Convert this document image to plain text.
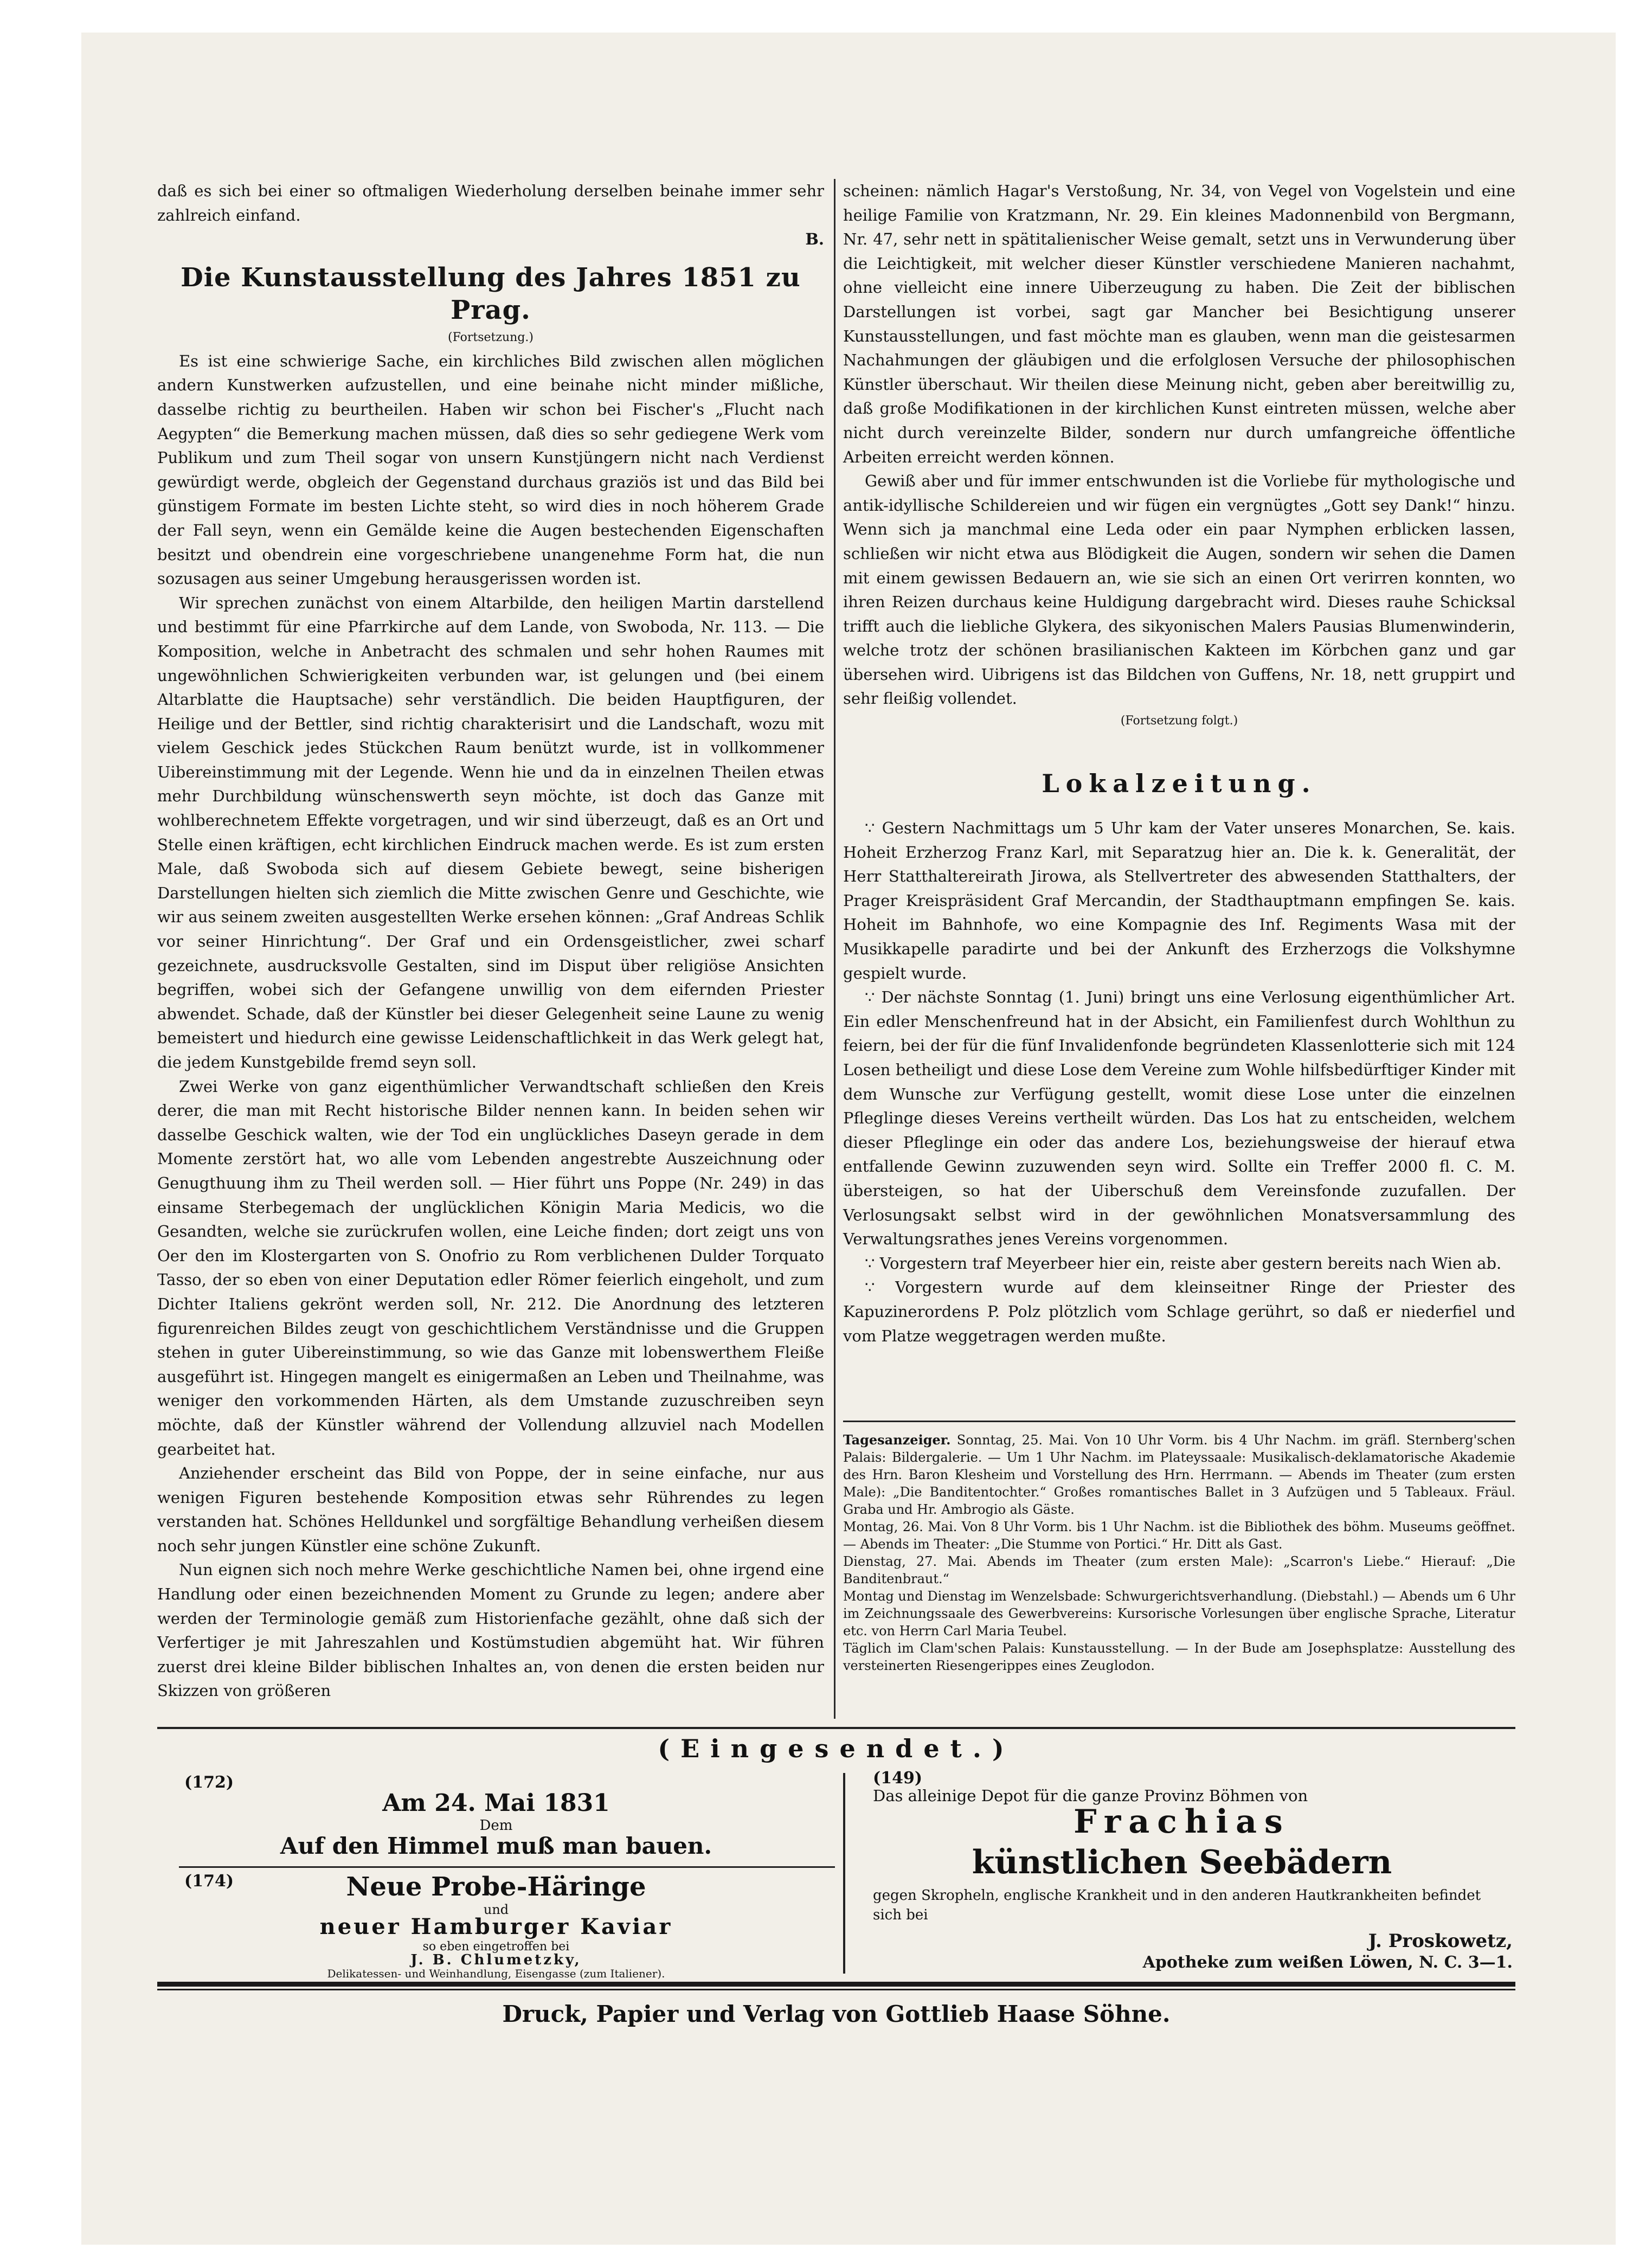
daß es sich bei einer so oftmaligen Wiederholung derselben beinahe immer sehr zahlreich einfand.

B.

Die Kunstausstellung des Jahres 1851 zu Prag.
(Fortsetzung.)

Es ist eine schwierige Sache, ein kirchliches Bild zwischen allen möglichen andern Kunstwerken aufzustellen, und eine beinahe nicht minder mißliche, dasselbe richtig zu beurtheilen. Haben wir schon bei Fischer's „Flucht nach Aegypten“ die Bemerkung machen müssen, daß dies so sehr gediegene Werk vom Publikum und zum Theil sogar von unsern Kunstjüngern nicht nach Verdienst gewürdigt werde, obgleich der Gegenstand durchaus graziös ist und das Bild bei günstigem Formate im besten Lichte steht, so wird dies in noch höherem Grade der Fall seyn, wenn ein Gemälde keine die Augen bestechenden Eigenschaften besitzt und obendrein eine vorgeschriebene unangenehme Form hat, die nun sozusagen aus seiner Umgebung herausgerissen worden ist.

Wir sprechen zunächst von einem Altarbilde, den heiligen Martin darstellend und bestimmt für eine Pfarrkirche auf dem Lande, von Swoboda, Nr. 113. — Die Komposition, welche in Anbetracht des schmalen und sehr hohen Raumes mit ungewöhnlichen Schwierigkeiten verbunden war, ist gelungen und (bei einem Altarblatte die Hauptsache) sehr verständlich. Die beiden Hauptfiguren, der Heilige und der Bettler, sind richtig charakterisirt und die Landschaft, wozu mit vielem Geschick jedes Stückchen Raum benützt wurde, ist in vollkommener Uibereinstimmung mit der Legende. Wenn hie und da in einzelnen Theilen etwas mehr Durchbildung wünschenswerth seyn möchte, ist doch das Ganze mit wohlberechnetem Effekte vorgetragen, und wir sind überzeugt, daß es an Ort und Stelle einen kräftigen, echt kirchlichen Eindruck machen werde. Es ist zum ersten Male, daß Swoboda sich auf diesem Gebiete bewegt, seine bisherigen Darstellungen hielten sich ziemlich die Mitte zwischen Genre und Geschichte, wie wir aus seinem zweiten ausgestellten Werke ersehen können: „Graf Andreas Schlik vor seiner Hinrichtung“. Der Graf und ein Ordensgeistlicher, zwei scharf gezeichnete, ausdrucksvolle Gestalten, sind im Disput über religiöse Ansichten begriffen, wobei sich der Gefangene unwillig von dem eifernden Priester abwendet. Schade, daß der Künstler bei dieser Gelegenheit seine Laune zu wenig bemeistert und hiedurch eine gewisse Leidenschaftlichkeit in das Werk gelegt hat, die jedem Kunstgebilde fremd seyn soll.

Zwei Werke von ganz eigenthümlicher Verwandtschaft schließen den Kreis derer, die man mit Recht historische Bilder nennen kann. In beiden sehen wir dasselbe Geschick walten, wie der Tod ein unglückliches Daseyn gerade in dem Momente zerstört hat, wo alle vom Lebenden angestrebte Auszeichnung oder Genugthuung ihm zu Theil werden soll. — Hier führt uns Poppe (Nr. 249) in das einsame Sterbegemach der unglücklichen Königin Maria Medicis, wo die Gesandten, welche sie zurückrufen wollen, eine Leiche finden; dort zeigt uns von Oer den im Klostergarten von S. Onofrio zu Rom verblichenen Dulder Torquato Tasso, der so eben von einer Deputation edler Römer feierlich eingeholt, und zum Dichter Italiens gekrönt werden soll, Nr. 212. Die Anordnung des letzteren figurenreichen Bildes zeugt von geschichtlichem Verständnisse und die Gruppen stehen in guter Uibereinstimmung, so wie das Ganze mit lobenswerthem Fleiße ausgeführt ist. Hingegen mangelt es einigermaßen an Leben und Theilnahme, was weniger den vorkommenden Härten, als dem Umstande zuzuschreiben seyn möchte, daß der Künstler während der Vollendung allzuviel nach Modellen gearbeitet hat.

Anziehender erscheint das Bild von Poppe, der in seine einfache, nur aus wenigen Figuren bestehende Komposition etwas sehr Rührendes zu legen verstanden hat. Schönes Helldunkel und sorgfältige Behandlung verheißen diesem noch sehr jungen Künstler eine schöne Zukunft.

Nun eignen sich noch mehre Werke geschichtliche Namen bei, ohne irgend eine Handlung oder einen bezeichnenden Moment zu Grunde zu legen; andere aber werden der Terminologie gemäß zum Historienfache gezählt, ohne daß sich der Verfertiger je mit Jahreszahlen und Kostümstudien abgemüht hat. Wir führen zuerst drei kleine Bilder biblischen Inhaltes an, von denen die ersten beiden nur Skizzen von größeren

scheinen: nämlich Hagar's Verstoßung, Nr. 34, von Vegel von Vogelstein und eine heilige Familie von Kratzmann, Nr. 29. Ein kleines Madonnenbild von Bergmann, Nr. 47, sehr nett in spätitalienischer Weise gemalt, setzt uns in Verwunderung über die Leichtigkeit, mit welcher dieser Künstler verschiedene Manieren nachahmt, ohne vielleicht eine innere Uiberzeugung zu haben. Die Zeit der biblischen Darstellungen ist vorbei, sagt gar Mancher bei Besichtigung unserer Kunstausstellungen, und fast möchte man es glauben, wenn man die geistesarmen Nachahmungen der gläubigen und die erfolglosen Versuche der philosophischen Künstler überschaut. Wir theilen diese Meinung nicht, geben aber bereitwillig zu, daß große Modifikationen in der kirchlichen Kunst eintreten müssen, welche aber nicht durch vereinzelte Bilder, sondern nur durch umfangreiche öffentliche Arbeiten erreicht werden können.

Gewiß aber und für immer entschwunden ist die Vorliebe für mythologische und antik-idyllische Schildereien und wir fügen ein vergnügtes „Gott sey Dank!“ hinzu. Wenn sich ja manchmal eine Leda oder ein paar Nymphen erblicken lassen, schließen wir nicht etwa aus Blödigkeit die Augen, sondern wir sehen die Damen mit einem gewissen Bedauern an, wie sie sich an einen Ort verirren konnten, wo ihren Reizen durchaus keine Huldigung dargebracht wird. Dieses rauhe Schicksal trifft auch die liebliche Glykera, des sikyonischen Malers Pausias Blumenwinderin, welche trotz der schönen brasilianischen Kakteen im Körbchen ganz und gar übersehen wird. Uibrigens ist das Bildchen von Guffens, Nr. 18, nett gruppirt und sehr fleißig vollendet.

(Fortsetzung folgt.)
Lokalzeitung.

∵ Gestern Nachmittags um 5 Uhr kam der Vater unseres Monarchen, Se. kais. Hoheit Erzherzog Franz Karl, mit Separatzug hier an. Die k. k. Generalität, der Herr Statthaltereirath Jirowa, als Stellvertreter des abwesenden Statthalters, der Prager Kreispräsident Graf Mercandin, der Stadthauptmann empfingen Se. kais. Hoheit im Bahnhofe, wo eine Kompagnie des Inf. Regiments Wasa mit der Musikkapelle paradirte und bei der Ankunft des Erzherzogs die Volkshymne gespielt wurde.

∵ Der nächste Sonntag (1. Juni) bringt uns eine Verlosung eigenthümlicher Art. Ein edler Menschenfreund hat in der Absicht, ein Familienfest durch Wohlthun zu feiern, bei der für die fünf Invalidenfonde begründeten Klassenlotterie sich mit 124 Losen betheiligt und diese Lose dem Vereine zum Wohle hilfsbedürftiger Kinder mit dem Wunsche zur Verfügung gestellt, womit diese Lose unter die einzelnen Pfleglinge dieses Vereins vertheilt würden. Das Los hat zu entscheiden, welchem dieser Pfleglinge ein oder das andere Los, beziehungsweise der hierauf etwa entfallende Gewinn zuzuwenden seyn wird. Sollte ein Treffer 2000 fl. C. M. übersteigen, so hat der Uiberschuß dem Vereinsfonde zuzufallen. Der Verlosungsakt selbst wird in der gewöhnlichen Monatsversammlung des Verwaltungsrathes jenes Vereins vorgenommen.

∵ Vorgestern traf Meyerbeer hier ein, reiste aber gestern bereits nach Wien ab.

∵ Vorgestern wurde auf dem kleinseitner Ringe der Priester des Kapuzinerordens P. Polz plötzlich vom Schlage gerührt, so daß er niederfiel und vom Platze weggetragen werden mußte.

Tagesanzeiger. Sonntag, 25. Mai. Von 10 Uhr Vorm. bis 4 Uhr Nachm. im gräfl. Sternberg'schen Palais: Bildergalerie. — Um 1 Uhr Nachm. im Plateyssaale: Musikalisch-deklamatorische Akademie des Hrn. Baron Klesheim und Vorstellung des Hrn. Herrmann. — Abends im Theater (zum ersten Male): „Die Banditentochter.“ Großes romantisches Ballet in 3 Aufzügen und 5 Tableaux. Fräul. Graba und Hr. Ambrogio als Gäste.

Montag, 26. Mai. Von 8 Uhr Vorm. bis 1 Uhr Nachm. ist die Bibliothek des böhm. Museums geöffnet. — Abends im Theater: „Die Stumme von Portici.“ Hr. Ditt als Gast.

Dienstag, 27. Mai. Abends im Theater (zum ersten Male): „Scarron's Liebe.“ Hierauf: „Die Banditenbraut.“

Montag und Dienstag im Wenzelsbade: Schwurgerichtsverhandlung. (Diebstahl.) — Abends um 6 Uhr im Zeichnungssaale des Gewerbvereins: Kursorische Vorlesungen über englische Sprache, Literatur etc. von Herrn Carl Maria Teubel.

Täglich im Clam'schen Palais: Kunstausstellung. — In der Bude am Josephsplatze: Ausstellung des versteinerten Riesengerippes eines Zeuglodon.

(Eingesendet.)
(172)
Am 24. Mai 1831
Dem
Auf den Himmel muß man bauen.
(174)	Neue Probe-Häringe
und
neuer Hamburger Kaviar
so eben eingetroffen bei
(149)
Das alleinige Depot für die ganze Provinz Böhmen von
Frachias
künstlichen Seebädern
gegen Skropheln, englische Krankheit und in den anderen Hautkrankheiten befindet sich bei
Druck, Papier und Verlag von Gottlieb Haase Söhne.
J. B. Chlumetzky,
Delikatessen- und Weinhandlung, Eisengasse (zum Italiener).
J. Proskowetz,
Apotheke zum weißen Löwen, N. C. 3—1.
